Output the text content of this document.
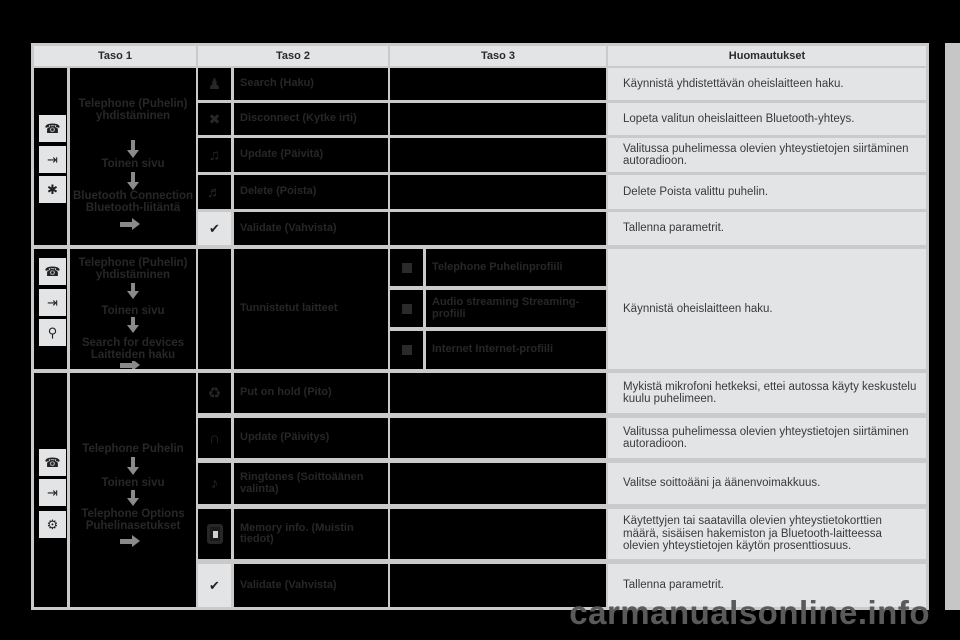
Taso 1	Taso 2	Taso 3	Huomautukset
☎
⇥
✱
Telephone (Puhelin) yhdistäminen
Toinen sivu
Bluetooth Connection Bluetooth-liitäntä
♟	Search (Haku)	Käynnistä yhdistettävän oheislaitteen haku.
✖	Disconnect (Kytke irti)	Lopeta valitun oheislaitteen Bluetooth-yhteys.
♫	Update (Päivitä)	Valitussa puhelimessa olevien yhteystietojen siirtäminen autoradioon.
♬	Delete (Poista)	Delete Poista valittu puhelin.
✔	Validate (Vahvista)	Tallenna parametrit.
☎
⇥
⚲
Telephone (Puhelin) yhdistäminen
Toinen sivu
Search for devices Laitteiden haku
Tunnistetut laitteet
Telephone Puhelinprofiili
Audio streaming Streaming-profiili
Internet Internet-profiili
Käynnistä oheislaitteen haku.
☎
⇥
⚙
Telephone Puhelin
Toinen sivu
Telephone Options Puhelinasetukset
♻	Put on hold (Pito)	Mykistä mikrofoni hetkeksi, ettei autossa käyty keskustelu kuulu puhelimeen.
∩	Update (Päivitys)	Valitussa puhelimessa olevien yhteystietojen siirtäminen autoradioon.
♪	Ringtones (Soittoäänen valinta)	Valitse soittoääni ja äänenvoimakkuus.
Memory info. (Muistin tiedot)
Käytettyjen tai saatavilla olevien yhteystietokorttien määrä, sisäisen hakemiston ja Bluetooth-laitteessa olevien yhteystietojen käytön prosenttiosuus.
✔	Validate (Vahvista)	Tallenna parametrit.
carmanualsonline.info
